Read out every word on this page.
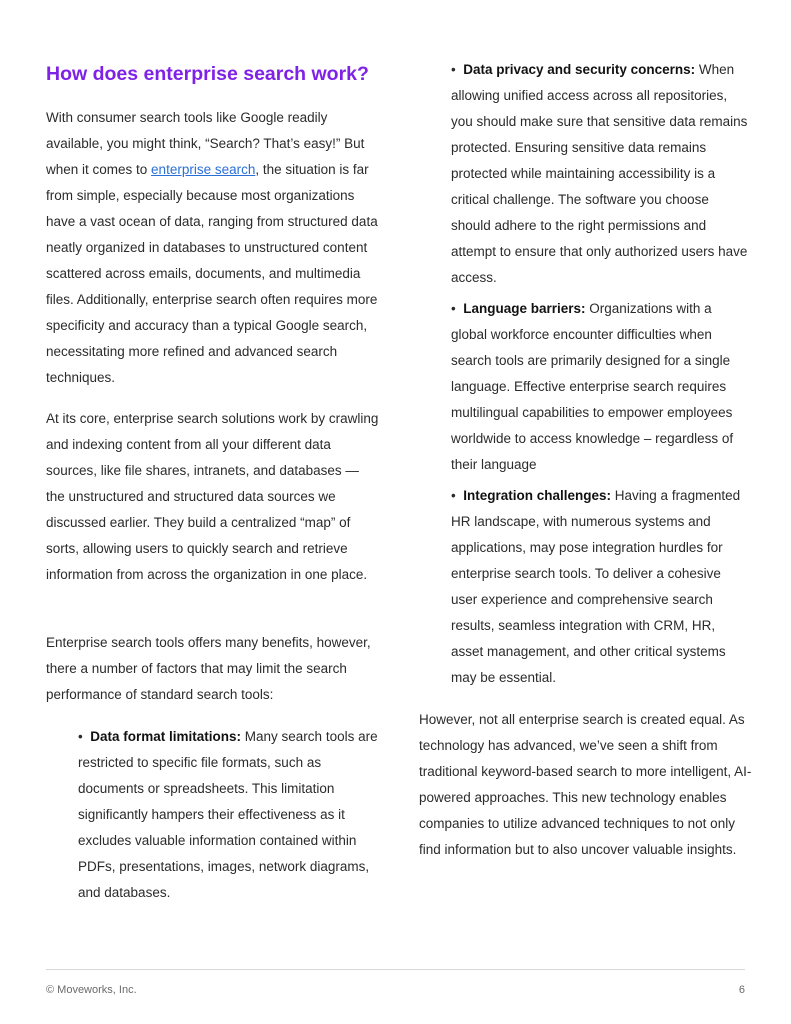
How does enterprise search work?

With consumer search tools like Google readily available, you might think, “Search? That’s easy!” But when it comes to enterprise search, the situation is far from simple, especially because most organizations have a vast ocean of data, ranging from structured data neatly organized in databases to unstructured content scattered across emails, documents, and multimedia files. Additionally, enterprise search often requires more specificity and accuracy than a typical Google search, necessitating more refined and advanced search techniques.

At its core, enterprise search solutions work by crawling and indexing content from all your different data sources, like file shares, intranets, and databases — the unstructured and structured data sources we discussed earlier. They build a centralized “map” of sorts, allowing users to quickly search and retrieve information from across the organization in one place.

Enterprise search tools offers many benefits, however, there a number of factors that may limit the search performance of standard search tools:

• Data format limitations: Many search tools are restricted to specific file formats, such as documents or spreadsheets. This limitation significantly hampers their effectiveness as it excludes valuable information contained within PDFs, presentations, images, network diagrams, and databases.
• Data privacy and security concerns: When allowing unified access across all repositories, you should make sure that sensitive data remains protected. Ensuring sensitive data remains protected while maintaining accessibility is a critical challenge. The software you choose should adhere to the right permissions and attempt to ensure that only authorized users have access.
• Language barriers: Organizations with a global workforce encounter difficulties when search tools are primarily designed for a single language. Effective enterprise search requires multilingual capabilities to empower employees worldwide to access knowledge – regardless of their language
• Integration challenges: Having a fragmented HR landscape, with numerous systems and applications, may pose integration hurdles for enterprise search tools. To deliver a cohesive user experience and comprehensive search results, seamless integration with CRM, HR, asset management, and other critical systems may be essential.

However, not all enterprise search is created equal. As technology has advanced, we’ve seen a shift from traditional keyword-based search to more intelligent, AI-powered approaches. This new technology enables companies to utilize advanced techniques to not only find information but to also uncover valuable insights.

© Moveworks, Inc.	6
